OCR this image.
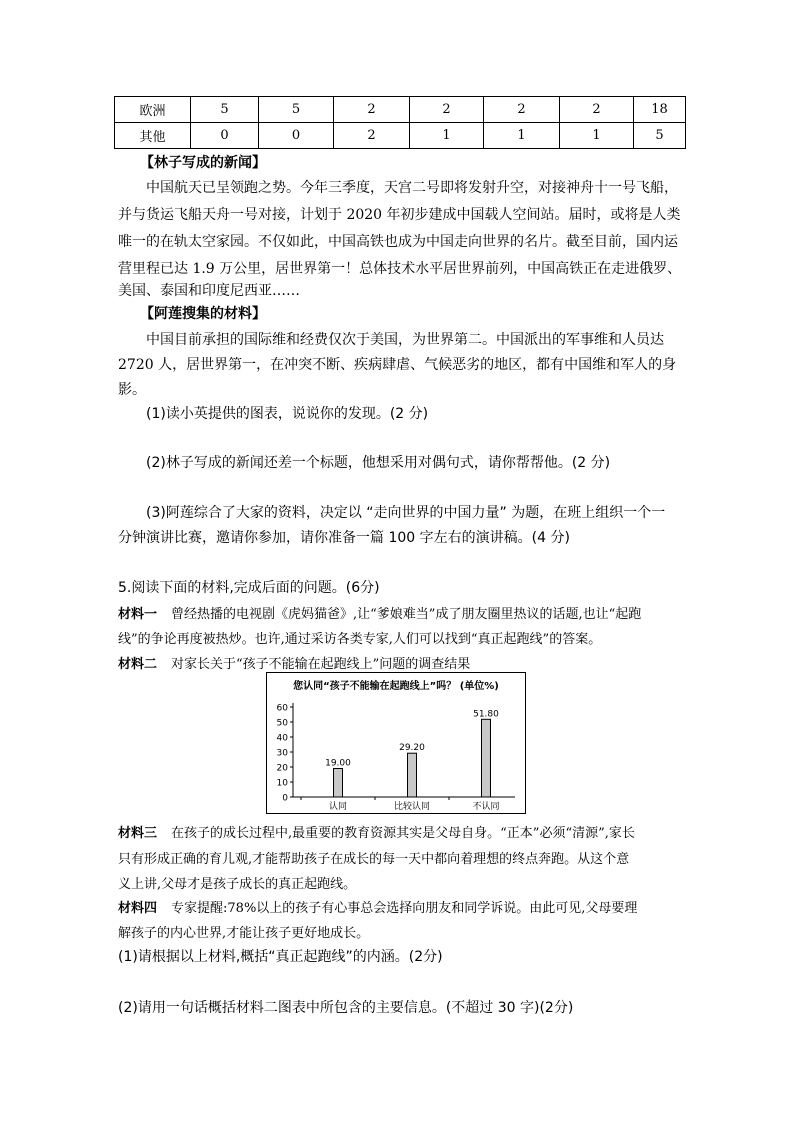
欧洲	5	5	2	2	2	2	18
其他	0	0	2	1	1	1	5
【林子写成的新闻】
中国航天已呈领跑之势。今年三季度，天宫二号即将发射升空，对接神舟十一号飞船，
并与货运飞船天舟一号对接，计划于 2020 年初步建成中国载人空间站。届时，或将是人类
唯一的在轨太空家园。不仅如此，中国高铁也成为中国走向世界的名片。截至目前，国内运
营里程已达 1.9 万公里，居世界第一！总体技术水平居世界前列，中国高铁正在走进俄罗、
美国、泰国和印度尼西亚……
【阿莲搜集的材料】
中国目前承担的国际维和经费仅次于美国，为世界第二。中国派出的军事维和人员达
2720 人，居世界第一，在冲突不断、疾病肆虐、气候恶劣的地区，都有中国维和军人的身
影。
(1)读小英提供的图表，说说你的发现。(2 分)
(2)林子写成的新闻还差一个标题，他想采用对偶句式，请你帮帮他。(2 分)
(3)阿莲综合了大家的资料，决定以 “走向世界的中国力量” 为题，在班上组织一个一
分钟演讲比赛，邀请你参加，请你准备一篇 100 字左右的演讲稿。(4 分)
5.阅读下面的材料,完成后面的问题。(6分)
材料一 曾经热播的电视剧《虎妈猫爸》,让“爹娘难当”成了朋友圈里热议的话题,也让“起跑
线”的争论再度被热炒。也许,通过采访各类专家,人们可以找到“真正起跑线”的答案。
材料二 对家长关于“孩子不能输在起跑线上”问题的调查结果
您认同“孩子不能输在起跑线上”吗？ (单位%)
0
10
20
30
40
50
60
19.00
认同
29.20
比较认同
51.80
不认同
材料三 在孩子的成长过程中,最重要的教育资源其实是父母自身。“正本”必须“清源”,家长
只有形成正确的育儿观,才能帮助孩子在成长的每一天中都向着理想的终点奔跑。从这个意
义上讲,父母才是孩子成长的真正起跑线。
材料四 专家提醒:78%以上的孩子有心事总会选择向朋友和同学诉说。由此可见,父母要理
解孩子的内心世界,才能让孩子更好地成长。
(1)请根据以上材料,概括“真正起跑线”的内涵。(2分)
(2)请用一句话概括材料二图表中所包含的主要信息。(不超过 30 字)(2分)
